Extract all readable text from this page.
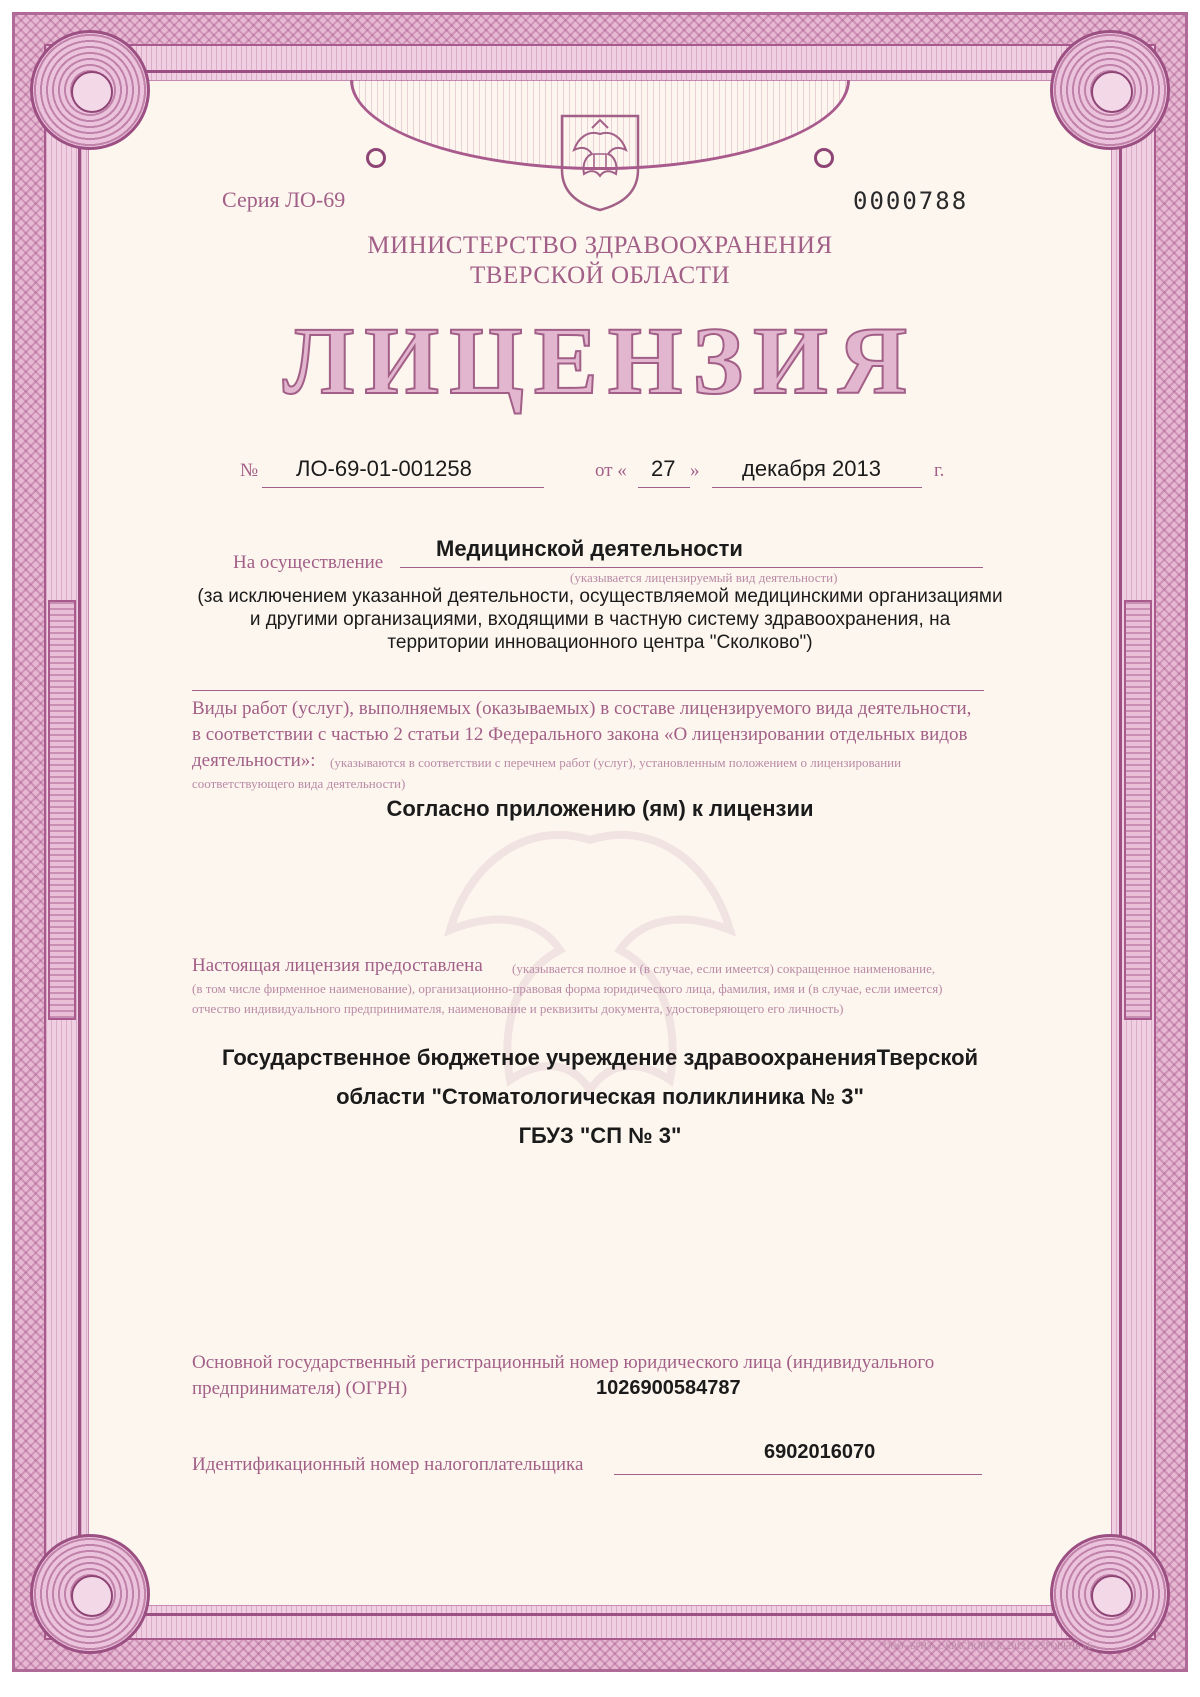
Серия ЛО-69	0000788
МИНИСТЕРСТВО ЗДРАВООХРАНЕНИЯ
ТВЕРСКОЙ ОБЛАСТИ
ЛИЦЕНЗИЯ
№ ЛО-69-01-001258	от « 27 » декабря 2013	г.
На осуществление
Медицинской деятельности
(указывается лицензируемый вид деятельности)
(за исключением указанной деятельности, осуществляемой медицинскими организациями
и другими организациями, входящими в частную систему здравоохранения, на
территории инновационного центра "Сколково")
Виды работ (услуг), выполняемых (оказываемых) в составе лицензируемого вида деятельности,
в соответствии с частью 2 статьи 12 Федерального закона «О лицензировании отдельных видов
деятельности»: (указываются в соответствии с перечнем работ (услуг), установленным положением о лицензировании
соответствующего вида деятельности)
Согласно приложению (ям) к лицензии
Настоящая лицензия предоставлена (указывается полное и (в случае, если имеется) сокращенное наименование,
(в том числе фирменное наименование), организационно-правовая форма юридического лица, фамилия, имя и (в случае, если имеется)
отчество индивидуального предпринимателя, наименование и реквизиты документа, удостоверяющего его личность)
Государственное бюджетное учреждение здравоохраненияТверской
области "Стоматологическая поликлиника № 3"
ГБУЗ "СП № 3"
Основной государственный регистрационный номер юридического лица (индивидуального
предпринимателя) (ОГРН)	1026900584787
Идентификационный номер налогоплательщика
6902016070
ООО «БРИЗ» г. КРАСНОЯРСК, 2013 г. «УРОВЕНЬ «Б»
